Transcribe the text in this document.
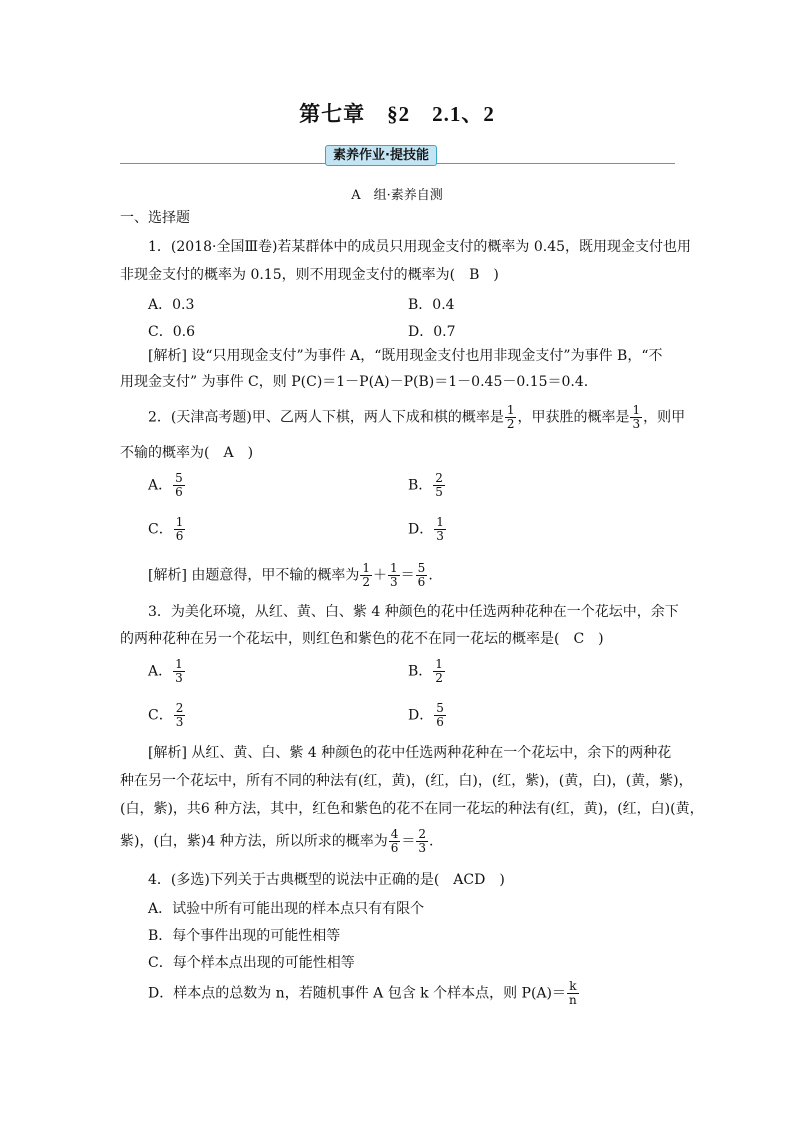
第七章　§2　2.1、2
素养作业·提技能
A　组·素养自测
一、选择题
1．(2018·全国Ⅲ卷)若某群体中的成员只用现金支付的概率为 0.45，既用现金支付也用
非现金支付的概率为 0.15，则不用现金支付的概率为(　B　)
A．0.3	B．0.4
C．0.6	D．0.7
[解析] 设“只用现金支付”为事件 A，“既用现金支付也用非现金支付”为事件 B，“不
用现金支付” 为事件 C，则 P(C)＝1－P(A)－P(B)＝1－0.45－0.15＝0.4.
2．(天津高考题)甲、乙两人下棋，两人下成和棋的概率是 $\frac{1}{2}$ ，甲获胜的概率是 $\frac{1}{3}$ ，则甲
不输的概率为(　A　)
A． $\frac{5}{6}$	B． $\frac{2}{5}$
C． $\frac{1}{6}$	D． $\frac{1}{3}$
[解析] 由题意得，甲不输的概率为 $\frac{1}{2} + \frac{1}{3} = \frac{5}{6}$ .
3．为美化环境，从红、黄、白、紫 4 种颜色的花中任选两种花种在一个花坛中，余下
的两种花种在另一个花坛中，则红色和紫色的花不在同一花坛的概率是(　C　)
A． $\frac{1}{3}$	B． $\frac{1}{2}$
C． $\frac{2}{3}$	D． $\frac{5}{6}$
[解析] 从红、黄、白、紫 4 种颜色的花中任选两种花种在一个花坛中，余下的两种花
种在另一个花坛中，所有不同的种法有(红，黄)，(红，白)，(红，紫)，(黄，白)，(黄，紫)，
(白，紫)，共6 种方法，其中，红色和紫色的花不在同一花坛的种法有(红，黄)，(红，白)(黄，
紫)，(白，紫)4 种方法，所以所求的概率为 $\frac{4}{6} = \frac{2}{3}$ .
4．(多选)下列关于古典概型的说法中正确的是(　ACD　)
A．试验中所有可能出现的样本点只有有限个
B．每个事件出现的可能性相等
C．每个样本点出现的可能性相等
D．样本点的总数为 n，若随机事件 A 包含 k 个样本点，则 $P(A)= \frac{k}{n}$
